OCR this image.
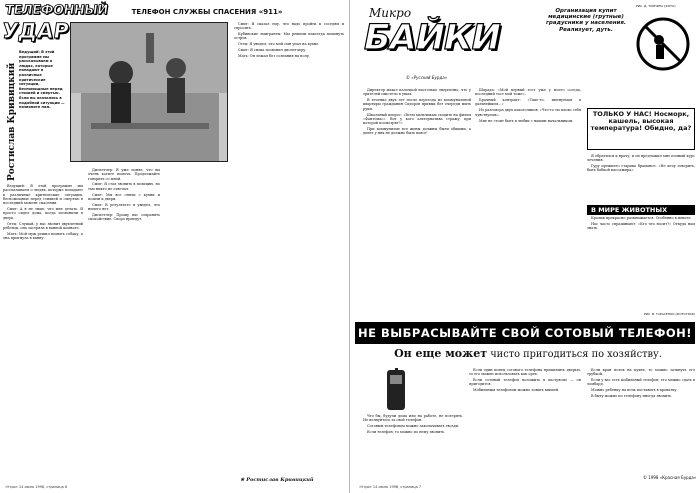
ТЕЛЕФОННЫЙ
УДАР
Ростислав Кривицкий
Ведущий: В этой программе мы рассказываем о людях, которые попадают в различные критические ситуации, беспомощные перед стихией и смертью. Если вы оказались в подобной ситуации — позвоните нам.
ТЕЛЕФОН СЛУЖБЫ СПАСЕНИЯ «911»

Ведущий: В этой программе мы рассказываем о людях, которые попадают в различные критические ситуации, беспомощные перед стихией и смертью в последний момент спасения.

Смит: А я не знаю, что мне делать. Я просто сидел дома, когда позвонили в дверь.

Отец: Слушай, у нас звонит двухлетний ребенок, она застряла в ванной комнате.

Мать: Мой муж решил помыть собаку, а она прыгнула в ванну.

Диспетчер: Я уже понял, что вы очень хотите помочь. Продолжайте говорить со мной.

Смит: Я стал звонить в полицию, но там никто не отвечал.

Смит: Мы все сняли с кухни и пошли к двери.

Смит: В результате я увидел, что ничего нет.

Диспетчер: Прошу вас сохранять спокойствие. Скоро приедут.

Смит: Я сказал ему, что надо пройти к соседям и спросить.

Кубинские эмигранты: Мы решили навсегда покинуть остров.

Отец: Я увидел, что мой сын упал на кухне.

Смит: Я снова позвонил диспетчеру.

Мать: Он лежал без сознания на полу.

★ Ростислав Кривицкий
«Утро» 14 июня 1998, страница 6
Микро
БАЙКИ
© «Русский Бурда»
Организация купит медицинские (грутные) градусники у населения. Реализует, дуть.
РИС. Д. ТОРПИНА (ФОТО)

Директор махал палочкой настолько энергично, что у зрителей свистело в ушах.

В течение двух лет после переезда из коммунальной квартиры гражданин Сидоров привык без очереди мыть руки.

Школьный вопрос: «Всем мальчикам сходить на фильм «Фантомас». Вот у кого альтернатива стражу, при которой посмотрят?»

При коммунизме все жены должны были общими, а денег у них не должно быть вовсе!

Шарада: «Мой первый тост уже у моего соседа, последний тост мой тоже».

Брачный контракт: «Таке-то, именуемая в дальнейшем...»

Из разговора двух алкоголиков: «Что-то ты плохо себя чувствуешь».

Мне не стоит быть в любви с нашим начальником.

ТОЛЬКО У НАС! Носморк, кашель, высокая температура! Обидно, да?

Я обратился к врачу, и он предложил мне полный курс лечения.

Гуру прежнего старика брамансе: «Не хочу говорить, быть бабкой пассажира».

В МИРЕ ЖИВОТНЫХ

Кролик прекрасно размножается. Особенно в неволе.

Нас часто спрашивают: «Кто что носит?» Откуда нам знать.

РИС. В. ТАРАСЕНКО (ФОТОГРАФ)
НЕ ВЫБРАСЫВАЙТЕ СВОЙ СОТОВЫЙ ТЕЛЕФОН!
Он еще может чисто пригодиться по хозяйству.

Что бы, будучи дома или на работе, не потерять. Не волнуйтесь за свой телефон.

Сотовым телефоном можно заколачивать гвозди.

Если телефон, то можно по нему звонить.

Если один конец сотового телефона прищемить дверью, то его можно использовать как орех.

Если сотовый телефон положить в кастрюлю — он пригодится.

Мобильным телефоном можно ловить мышей.

Если кран потек на кухне, то можно заткнуть его трубкой.

Если у вас есть мобильный телефон, его можно сдать в ломбард.

Можно ребенку на ночь поставить в кроватку.

В быту можно по телефону иногда звонить.

© 1998 «Красная Бурда»
«Утро» 14 июня 1998, страница 7
